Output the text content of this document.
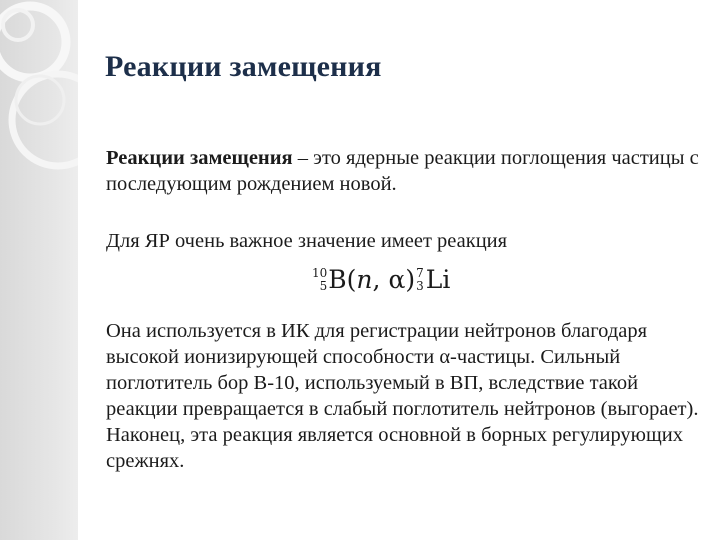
Реакции замещения
Реакции замещения – это ядерные реакции поглощения частицы с последующим рождением новой.
Для ЯР очень важное значение имеет реакция
10
5 B ( n , α ) 7
3 Li
Она используется в ИК для регистрации нейтронов благодаря высокой ионизирующей способности α-частицы. Сильный поглотитель бор В-10, используемый в ВП, вследствие такой реакции превращается в слабый поглотитель нейтронов (выгорает). Наконец, эта реакция является основной в борных регулирующих срежнях.
